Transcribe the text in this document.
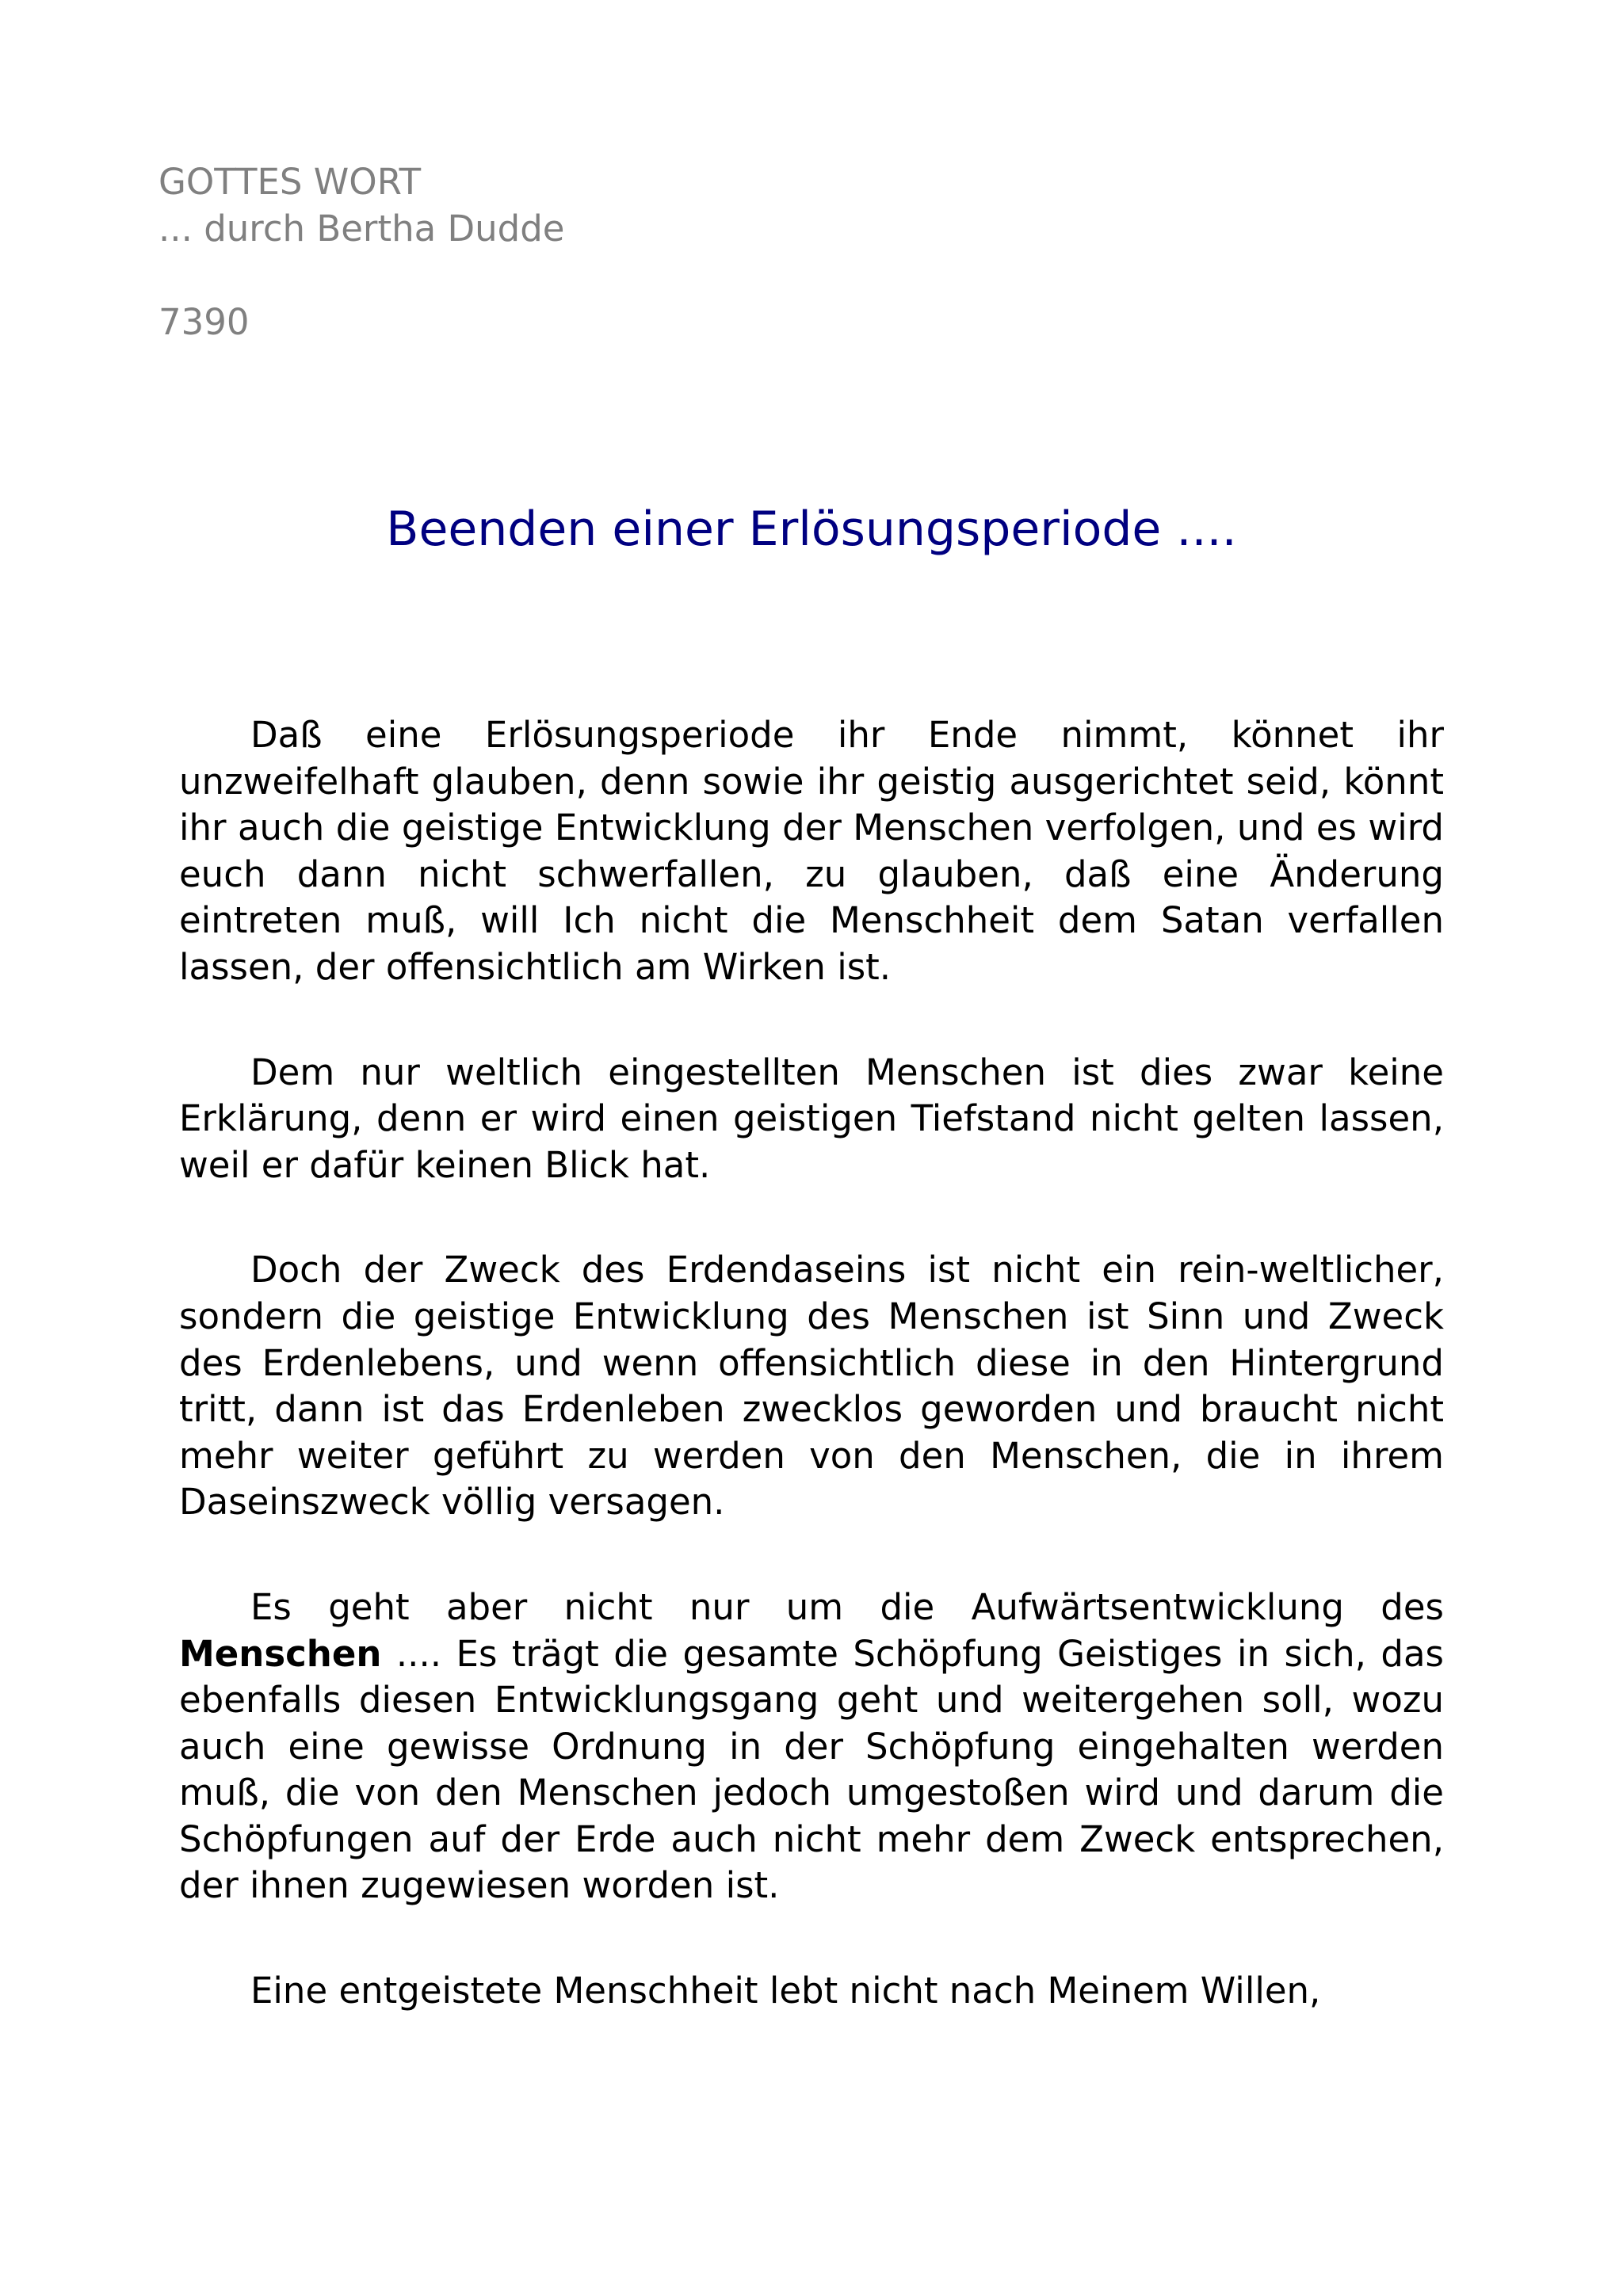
GOTTES WORT
... durch Bertha Dudde
7390
Beenden einer Erlösungsperiode ....

Daß eine Erlösungsperiode ihr Ende nimmt, könnet ihr unzweifelhaft glauben, denn sowie ihr geistig ausgerichtet seid, könnt ihr auch die geistige Entwicklung der Menschen verfolgen, und es wird euch dann nicht schwerfallen, zu glauben, daß eine Änderung eintreten muß, will Ich nicht die Menschheit dem Satan verfallen lassen, der offensichtlich am Wirken ist.

Dem nur weltlich eingestellten Menschen ist dies zwar keine Erklärung, denn er wird einen geistigen Tiefstand nicht gelten lassen, weil er dafür keinen Blick hat.

Doch der Zweck des Erdendaseins ist nicht ein rein-weltlicher, sondern die geistige Entwicklung des Menschen ist Sinn und Zweck des Erdenlebens, und wenn offensichtlich diese in den Hintergrund tritt, dann ist das Erdenleben zwecklos geworden und braucht nicht mehr weiter geführt zu werden von den Menschen, die in ihrem Daseinszweck völlig versagen.

Es geht aber nicht nur um die Aufwärtsentwicklung des Menschen .... Es trägt die gesamte Schöpfung Geistiges in sich, das ebenfalls diesen Entwicklungsgang geht und weitergehen soll, wozu auch eine gewisse Ordnung in der Schöpfung eingehalten werden muß, die von den Menschen jedoch umgestoßen wird und darum die Schöpfungen auf der Erde auch nicht mehr dem Zweck entsprechen, der ihnen zugewiesen worden ist.

Eine entgeistete Menschheit lebt nicht nach Meinem Willen,
